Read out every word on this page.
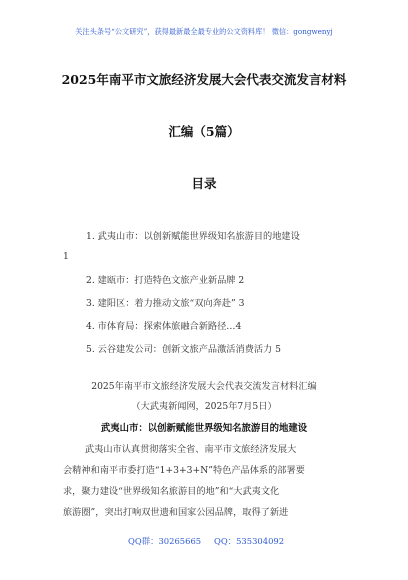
关注头条号“公文研究”，获得最新最全最专业的公文资料库！ 微信：gongwenyj
2025年南平市文旅经济发展大会代表交流发言材料
汇编（5篇）
目录
1. 武夷山市：以创新赋能世界级知名旅游目的地建设
1
2. 建瓯市：打造特色文旅产业新品牌 2
3. 建阳区：着力推动文旅“双向奔赴” 3
4. 市体育局：探索体旅融合新路径…4
5. 云谷建发公司：创新文旅产品激活消费活力 5
2025年南平市文旅经济发展大会代表交流发言材料汇编
（大武夷新闻网，2025年7月5日）
武夷山市：以创新赋能世界级知名旅游目的地建设
武夷山市认真贯彻落实全省、南平市文旅经济发展大
会精神和南平市委打造“1+3+3+N”特色产品体系的部署要
求，聚力建设“世界级知名旅游目的地”和“大武夷文化
旅游圈”，突出打响双世遗和国家公园品牌，取得了新进
QQ群：30265665 QQ：535304092
